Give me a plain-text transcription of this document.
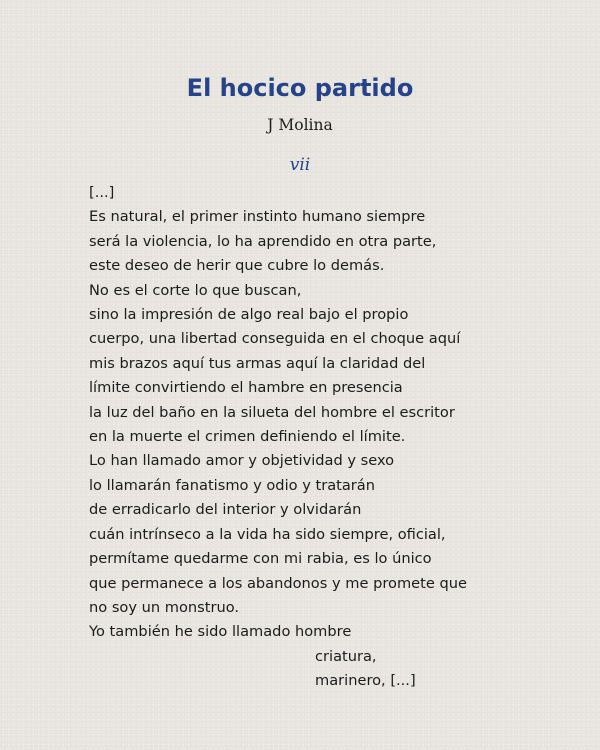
El hocico partido
J Molina
vii
[...]
Es natural, el primer instinto humano siempre
será la violencia, lo ha aprendido en otra parte,
este deseo de herir que cubre lo demás.
No es el corte lo que buscan,
sino la impresión de algo real bajo el propio
cuerpo, una libertad conseguida en el choque aquí
mis brazos aquí tus armas aquí la claridad del
límite convirtiendo el hambre en presencia
la luz del baño en la silueta del hombre el escritor
en la muerte el crimen definiendo el límite.
Lo han llamado amor y objetividad y sexo
lo llamarán fanatismo y odio y tratarán
de erradicarlo del interior y olvidarán
cuán intrínseco a la vida ha sido siempre, oficial,
permítame quedarme con mi rabia, es lo único
que permanece a los abandonos y me promete que
no soy un monstruo.
Yo también he sido llamado hombre
criatura,
marinero, [...]
